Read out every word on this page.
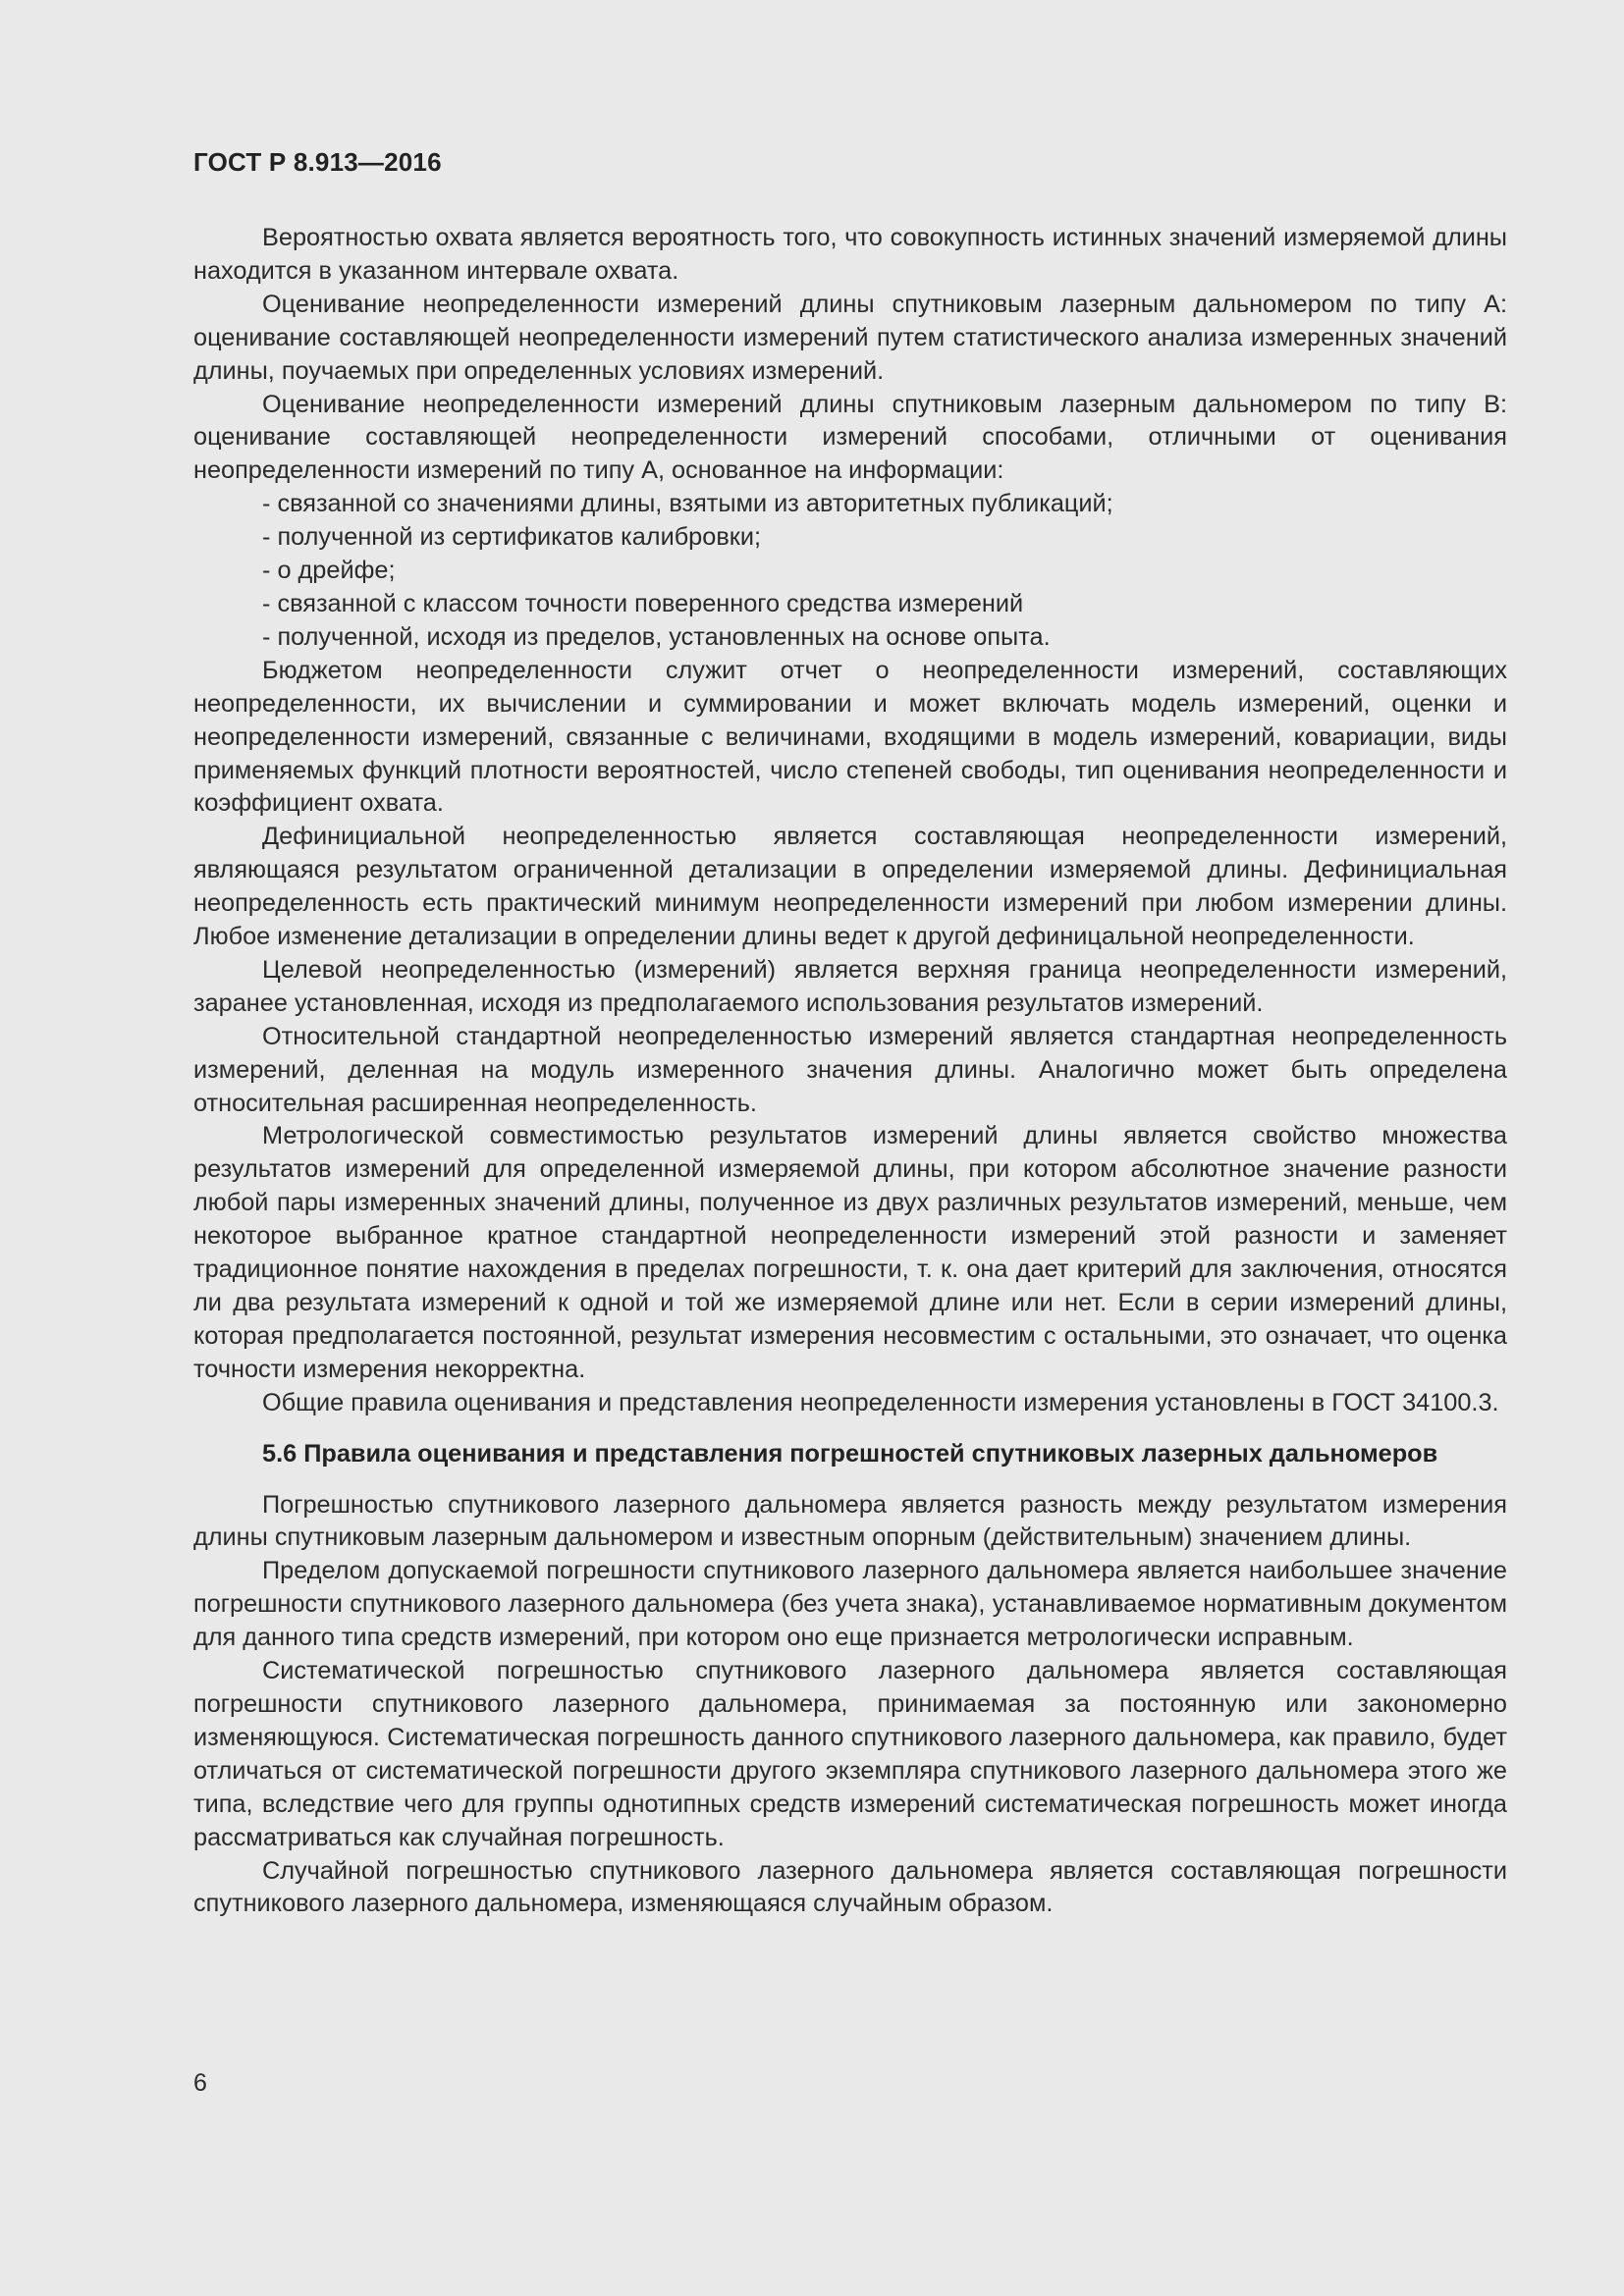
ГОСТ Р 8.913—2016

Вероятностью охвата является вероятность того, что совокупность истинных значений измеряемой длины находится в указанном интервале охвата.

Оценивание неопределенности измерений длины спутниковым лазерным дальномером по типу A: оценивание составляющей неопределенности измерений путем статистического анализа измеренных значений длины, поучаемых при определенных условиях измерений.

Оценивание неопределенности измерений длины спутниковым лазерным дальномером по типу B: оценивание составляющей неопределенности измерений способами, отличными от оценивания неопределенности измерений по типу A, основанное на информации:

- связанной со значениями длины, взятыми из авторитетных публикаций;

- полученной из сертификатов калибровки;

- о дрейфе;

- связанной с классом точности поверенного средства измерений

- полученной, исходя из пределов, установленных на основе опыта.

Бюджетом неопределенности служит отчет о неопределенности измерений, составляющих неопределенности, их вычислении и суммировании и может включать модель измерений, оценки и неопределенности измерений, связанные с величинами, входящими в модель измерений, ковариации, виды применяемых функций плотности вероятностей, число степеней свободы, тип оценивания неопределенности и коэффициент охвата.

Дефинициальной неопределенностью является составляющая неопределенности измерений, являющаяся результатом ограниченной детализации в определении измеряемой длины. Дефинициальная неопределенность есть практический минимум неопределенности измерений при любом измерении длины. Любое изменение детализации в определении длины ведет к другой дефиницальной неопределенности.

Целевой неопределенностью (измерений) является верхняя граница неопределенности измерений, заранее установленная, исходя из предполагаемого использования результатов измерений.

Относительной стандартной неопределенностью измерений является стандартная неопределенность измерений, деленная на модуль измеренного значения длины. Аналогично может быть определена относительная расширенная неопределенность.

Метрологической совместимостью результатов измерений длины является свойство множества результатов измерений для определенной измеряемой длины, при котором абсолютное значение разности любой пары измеренных значений длины, полученное из двух различных результатов измерений, меньше, чем некоторое выбранное кратное стандартной неопределенности измерений этой разности и заменяет традиционное понятие нахождения в пределах погрешности, т. к. она дает критерий для заключения, относятся ли два результата измерений к одной и той же измеряемой длине или нет. Если в серии измерений длины, которая предполагается постоянной, результат измерения несовместим с остальными, это означает, что оценка точности измерения некорректна.

Общие правила оценивания и представления неопределенности измерения установлены в ГОСТ 34100.3.

5.6 Правила оценивания и представления погрешностей спутниковых лазерных дальномеров

Погрешностью спутникового лазерного дальномера является разность между результатом измерения длины спутниковым лазерным дальномером и известным опорным (действительным) значением длины.

Пределом допускаемой погрешности спутникового лазерного дальномера является наибольшее значение погрешности спутникового лазерного дальномера (без учета знака), устанавливаемое нормативным документом для данного типа средств измерений, при котором оно еще признается метрологически исправным.

Систематической погрешностью спутникового лазерного дальномера является составляющая погрешности спутникового лазерного дальномера, принимаемая за постоянную или закономерно изменяющуюся. Систематическая погрешность данного спутникового лазерного дальномера, как правило, будет отличаться от систематической погрешности другого экземпляра спутникового лазерного дальномера этого же типа, вследствие чего для группы однотипных средств измерений систематическая погрешность может иногда рассматриваться как случайная погрешность.

Случайной погрешностью спутникового лазерного дальномера является составляющая погрешности спутникового лазерного дальномера, изменяющаяся случайным образом.

6
